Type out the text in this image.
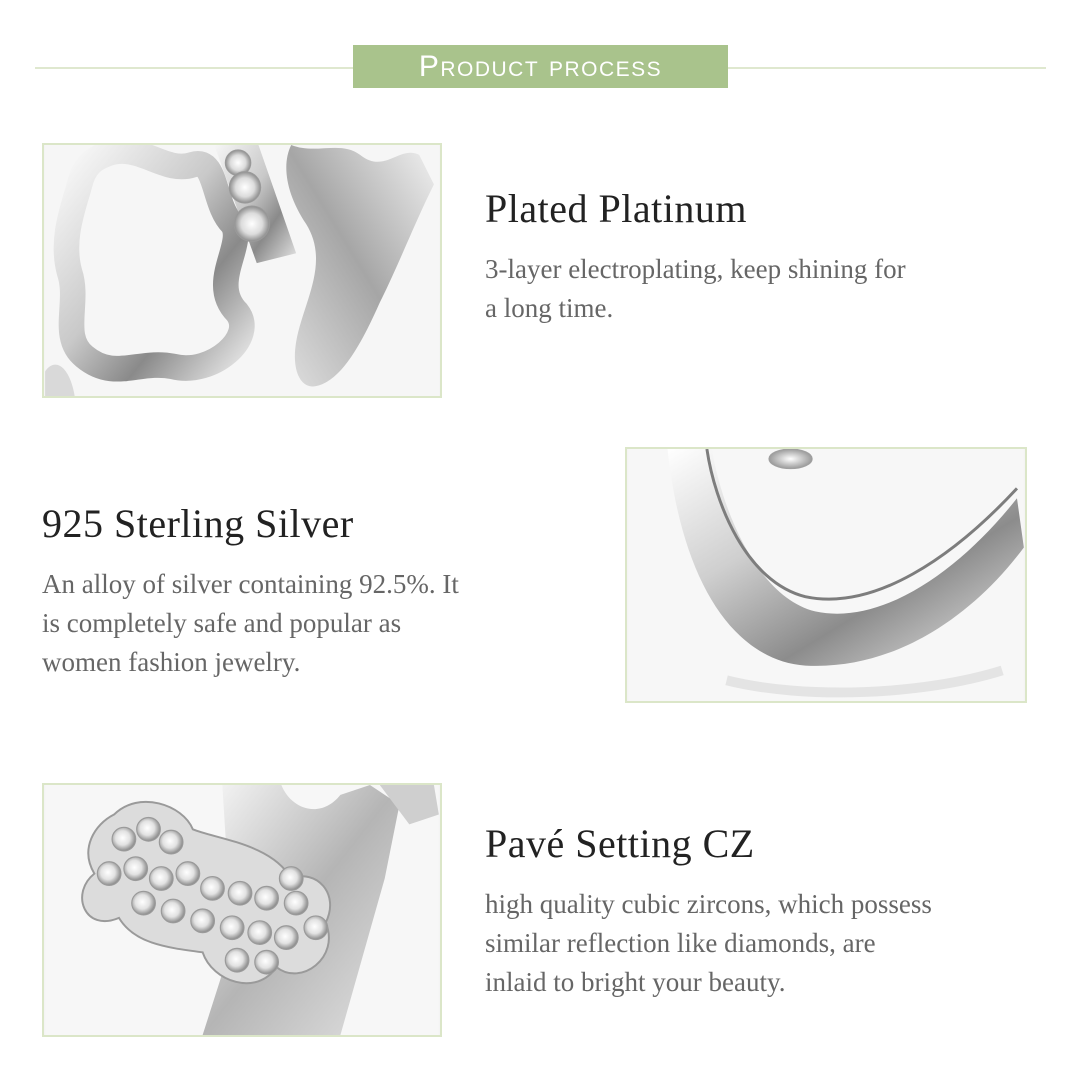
Product process
Plated Platinum

3-layer electroplating, keep shining for
a long time.

925 Sterling Silver

An alloy of silver containing 92.5%. It
is completely safe and popular as
women fashion jewelry.

Pavé Setting CZ

high quality cubic zircons, which possess
similar reflection like diamonds, are
inlaid to bright your beauty.
